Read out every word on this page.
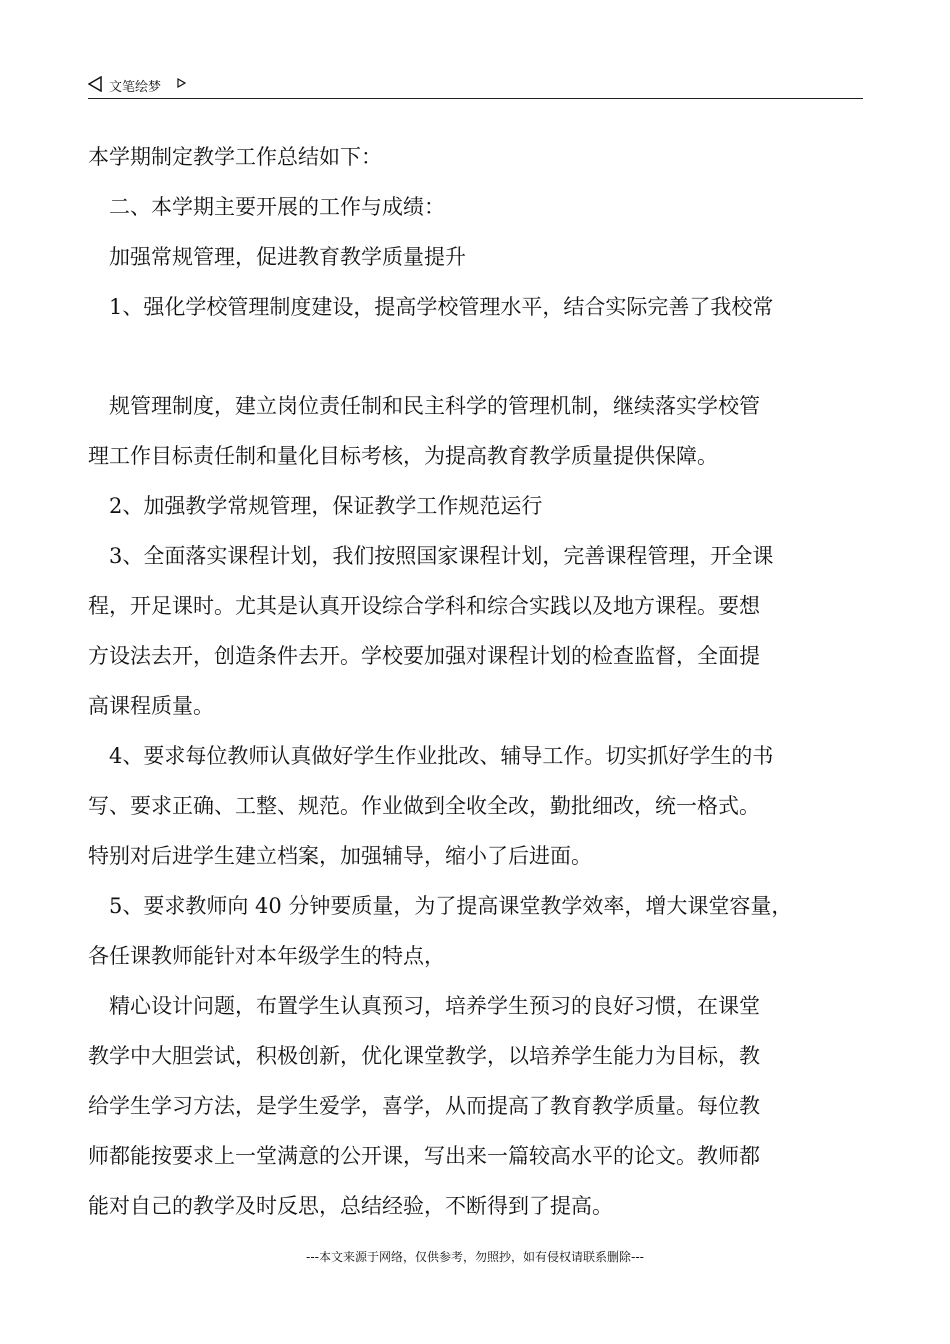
文笔绘梦
本学期制定教学工作总结如下：
二、本学期主要开展的工作与成绩：
加强常规管理，促进教育教学质量提升
1、强化学校管理制度建设，提高学校管理水平，结合实际完善了我校常
规管理制度，建立岗位责任制和民主科学的管理机制，继续落实学校管
理工作目标责任制和量化目标考核，为提高教育教学质量提供保障。
2、加强教学常规管理，保证教学工作规范运行
3、全面落实课程计划，我们按照国家课程计划，完善课程管理，开全课
程，开足课时。尤其是认真开设综合学科和综合实践以及地方课程。要想
方设法去开，创造条件去开。学校要加强对课程计划的检查监督，全面提
高课程质量。
4、要求每位教师认真做好学生作业批改、辅导工作。切实抓好学生的书
写、要求正确、工整、规范。作业做到全收全改，勤批细改，统一格式。
特别对后进学生建立档案，加强辅导，缩小了后进面。
5、要求教师向 40 分钟要质量，为了提高课堂教学效率，增大课堂容量，
各任课教师能针对本年级学生的特点，
精心设计问题，布置学生认真预习，培养学生预习的良好习惯，在课堂
教学中大胆尝试，积极创新，优化课堂教学，以培养学生能力为目标，教
给学生学习方法，是学生爱学，喜学，从而提高了教育教学质量。每位教
师都能按要求上一堂满意的公开课，写出来一篇较高水平的论文。教师都
能对自己的教学及时反思，总结经验，不断得到了提高。
---本文来源于网络，仅供参考，勿照抄，如有侵权请联系删除---
